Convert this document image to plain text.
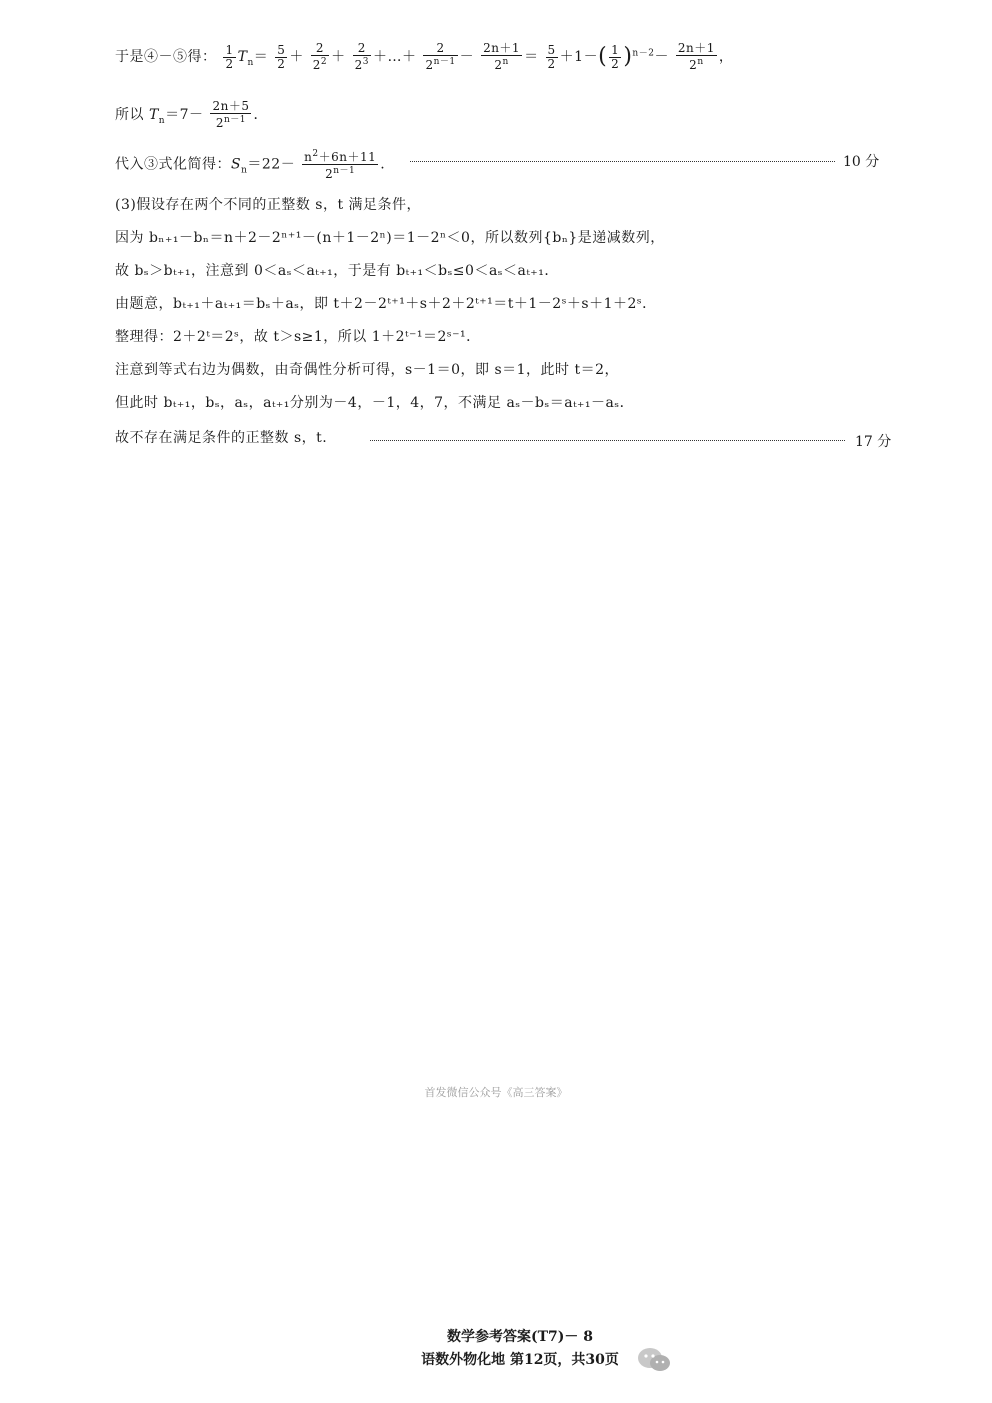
于是④－⑤得： $\frac{1}{2} T_n= \frac{5}{2} + \frac{2}{2^2} + \frac{2}{2^3}$ ＋…＋ $\frac{2}{2^{n-1}} - \frac{2n+1}{2^n} = \frac{5}{2} +1-( \frac{1}{2} )^{n-2}- \frac{2n+1}{2^n}$ ，
所以 $T_n=7- \frac{2n+5}{2^{n-1}}$ ．
代入③式化简得：$S_n=22- \frac{n^2+6n+11}{2^{n-1}}$ .	10 分
(3)假设存在两个不同的正整数 s，t 满足条件，
因为 bₙ₊₁－bₙ＝n＋2－2ⁿ⁺¹－(n＋1－2ⁿ)＝1－2ⁿ＜0，所以数列{bₙ}是递减数列，
故 bₛ＞bₜ₊₁，注意到 0＜aₛ＜aₜ₊₁，于是有 bₜ₊₁＜bₛ≤0＜aₛ＜aₜ₊₁．
由题意，bₜ₊₁＋aₜ₊₁＝bₛ＋aₛ，即 t＋2－2ᵗ⁺¹＋s＋2＋2ᵗ⁺¹＝t＋1－2ˢ＋s＋1＋2ˢ．
整理得：2＋2ᵗ＝2ˢ，故 t＞s≥1，所以 1＋2ᵗ⁻¹＝2ˢ⁻¹．
注意到等式右边为偶数，由奇偶性分析可得，s－1＝0，即 s＝1，此时 t＝2，
但此时 bₜ₊₁，bₛ，aₛ，aₜ₊₁分别为－4，－1，4，7，不满足 aₛ－bₛ＝aₜ₊₁－aₛ．
故不存在满足条件的正整数 s，t.	17 分
首发微信公众号《高三答案》
数学参考答案(T7)－ 8
语数外物化地 第12页，共30页
